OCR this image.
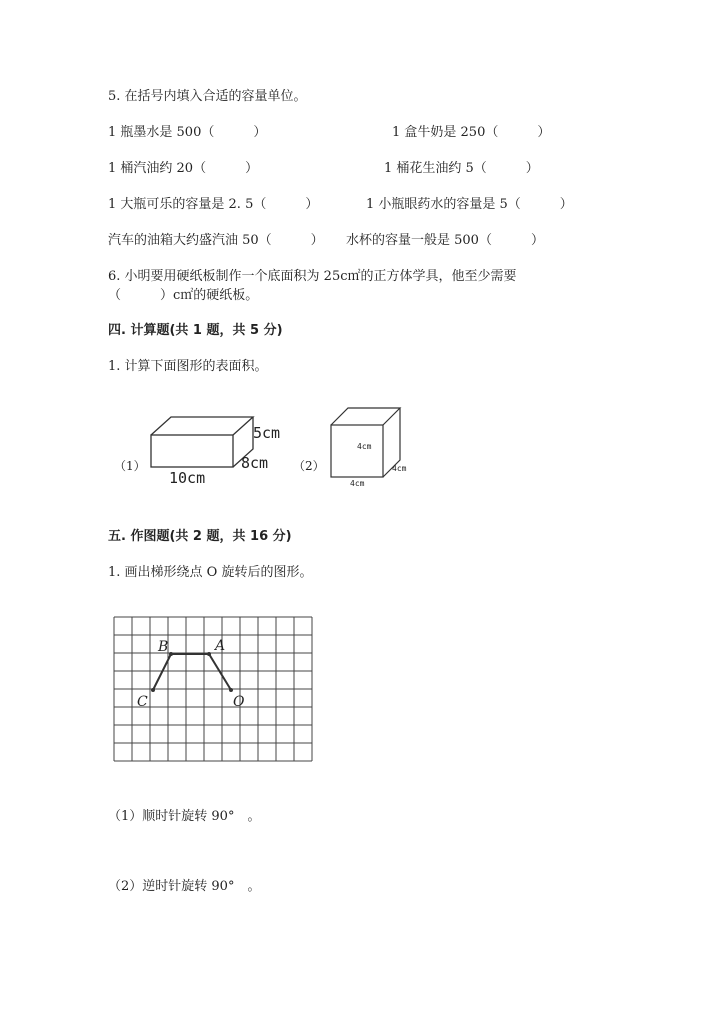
5. 在括号内填入合适的容量单位。
1 瓶墨水是 500（　　　）	1 盒牛奶是 250（　　　）
1 桶汽油约 20（　　　）	1 桶花生油约 5（　　　）
1 大瓶可乐的容量是 2. 5（　　　）	1 小瓶眼药水的容量是 5（　　　）
汽车的油箱大约盛汽油 50（　　　） 水杯的容量一般是 500（　　　）
6. 小明要用硬纸板制作一个底面积为 25c㎡的正方体学具，他至少需要
（　　　）c㎡的硬纸板。
四. 计算题(共 1 题，共 5 分)
1. 计算下面图形的表面积。
（1）
5cm
8cm
10cm
（2）
4cm
4cm
4cm
五. 作图题(共 2 题，共 16 分)
1. 画出梯形绕点 O 旋转后的图形。
B	A
C	O
（1）顺时针旋转 90°　。
（2）逆时针旋转 90°　。
